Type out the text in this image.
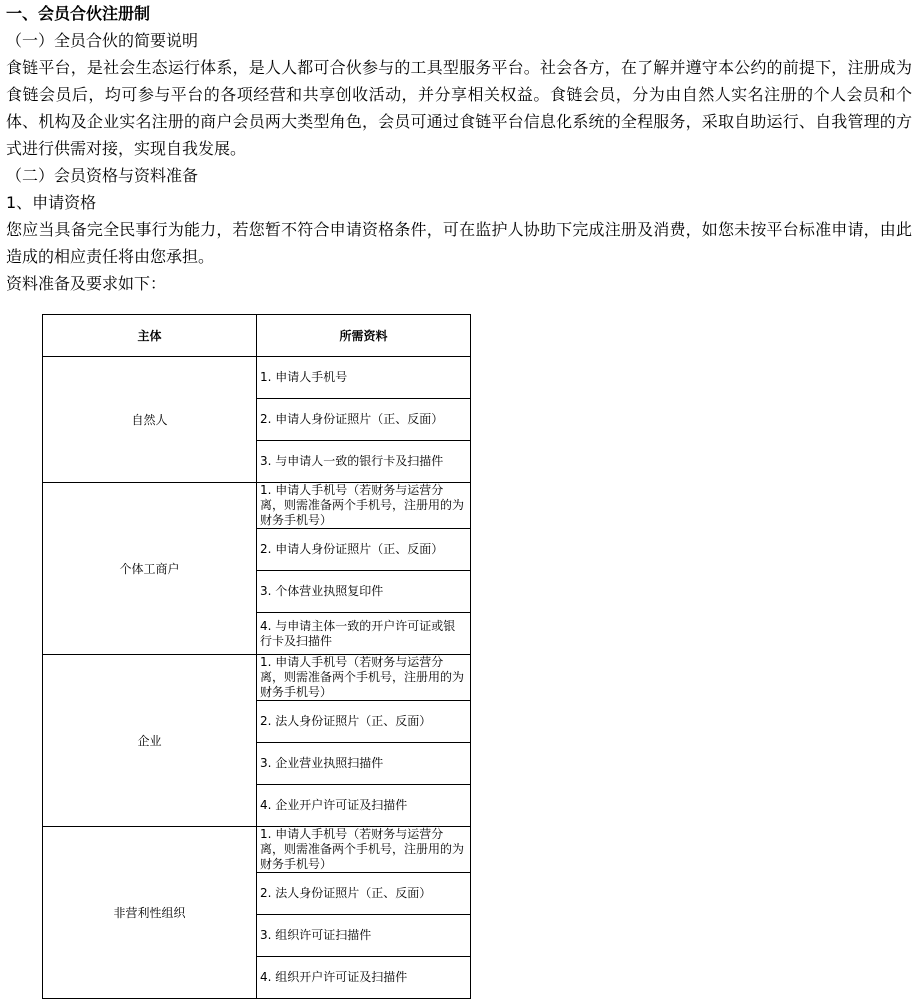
一、会员合伙注册制

（一）全员合伙的简要说明

食链平台，是社会生态运行体系，是人人都可合伙参与的工具型服务平台。社会各方，在了解并遵守本公约的前提下，注册成为食链会员后，均可参与平台的各项经营和共享创收活动，并分享相关权益。食链会员，分为由自然人实名注册的个人会员和个体、机构及企业实名注册的商户会员两大类型角色，会员可通过食链平台信息化系统的全程服务，采取自助运行、自我管理的方式进行供需对接，实现自我发展。

（二）会员资格与资料准备

1、申请资格

您应当具备完全民事行为能力，若您暂不符合申请资格条件，可在监护人协助下完成注册及消费，如您未按平台标准申请，由此造成的相应责任将由您承担。

资料准备及要求如下：

主体	所需资料
自然人	1. 申请人手机号
	2. 申请人身份证照片（正、反面）
	3. 与申请人一致的银行卡及扫描件
个体工商户	1. 申请人手机号（若财务与运营分离，则需准备两个手机号，注册用的为财务手机号）
	2. 申请人身份证照片（正、反面）
	3. 个体营业执照复印件
	4. 与申请主体一致的开户许可证或银行卡及扫描件
企业	1. 申请人手机号（若财务与运营分离，则需准备两个手机号，注册用的为财务手机号）
	2. 法人身份证照片（正、反面）
	3. 企业营业执照扫描件
	4. 企业开户许可证及扫描件
非营利性组织	1. 申请人手机号（若财务与运营分离，则需准备两个手机号，注册用的为财务手机号）
	2. 法人身份证照片（正、反面）
	3. 组织许可证扫描件
	4. 组织开户许可证及扫描件
